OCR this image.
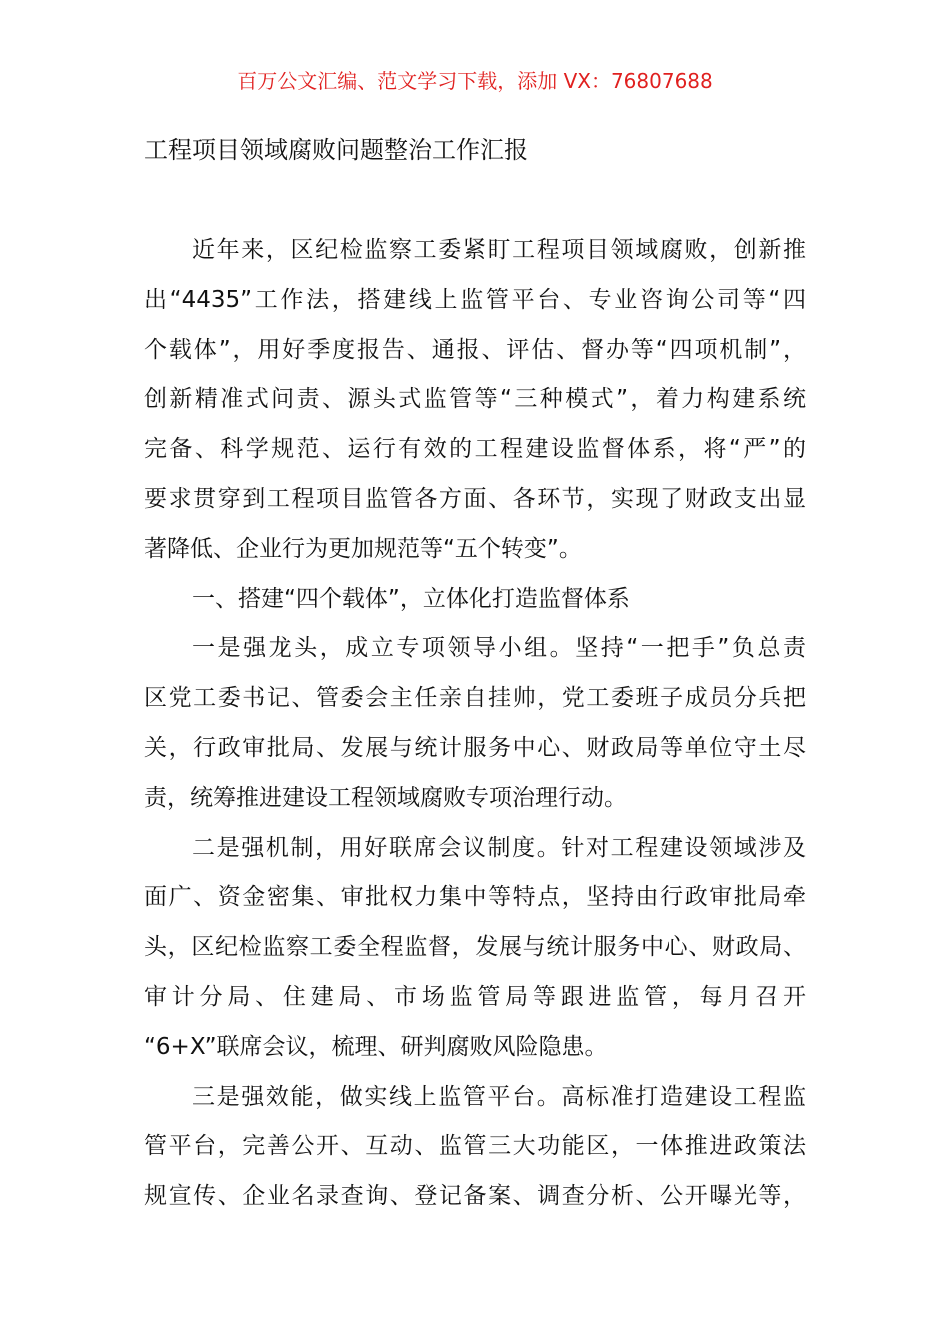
百万公文汇编、范文学习下载，添加 VX：76807688
工程项目领域腐败问题整治工作汇报
近年来，区纪检监察工委紧盯工程项目领域腐败，创新推
出“4435”工作法，搭建线上监管平台、专业咨询公司等“四
个载体”，用好季度报告、通报、评估、督办等“四项机制”，
创新精准式问责、源头式监管等“三种模式”，着力构建系统
完备、科学规范、运行有效的工程建设监督体系，将“严”的
要求贯穿到工程项目监管各方面、各环节，实现了财政支出显
著降低、企业行为更加规范等“五个转变”。
一、搭建“四个载体”，立体化打造监督体系
一是强龙头，成立专项领导小组。坚持“一把手”负总责
区党工委书记、管委会主任亲自挂帅，党工委班子成员分兵把
关，行政审批局、发展与统计服务中心、财政局等单位守土尽
责，统筹推进建设工程领域腐败专项治理行动。
二是强机制，用好联席会议制度。针对工程建设领域涉及
面广、资金密集、审批权力集中等特点，坚持由行政审批局牵
头，区纪检监察工委全程监督，发展与统计服务中心、财政局、
审计分局、住建局、市场监管局等跟进监管，每月召开
“6+X”联席会议，梳理、研判腐败风险隐患。
三是强效能，做实线上监管平台。高标准打造建设工程监
管平台，完善公开、互动、监管三大功能区，一体推进政策法
规宣传、企业名录查询、登记备案、调查分析、公开曝光等，
